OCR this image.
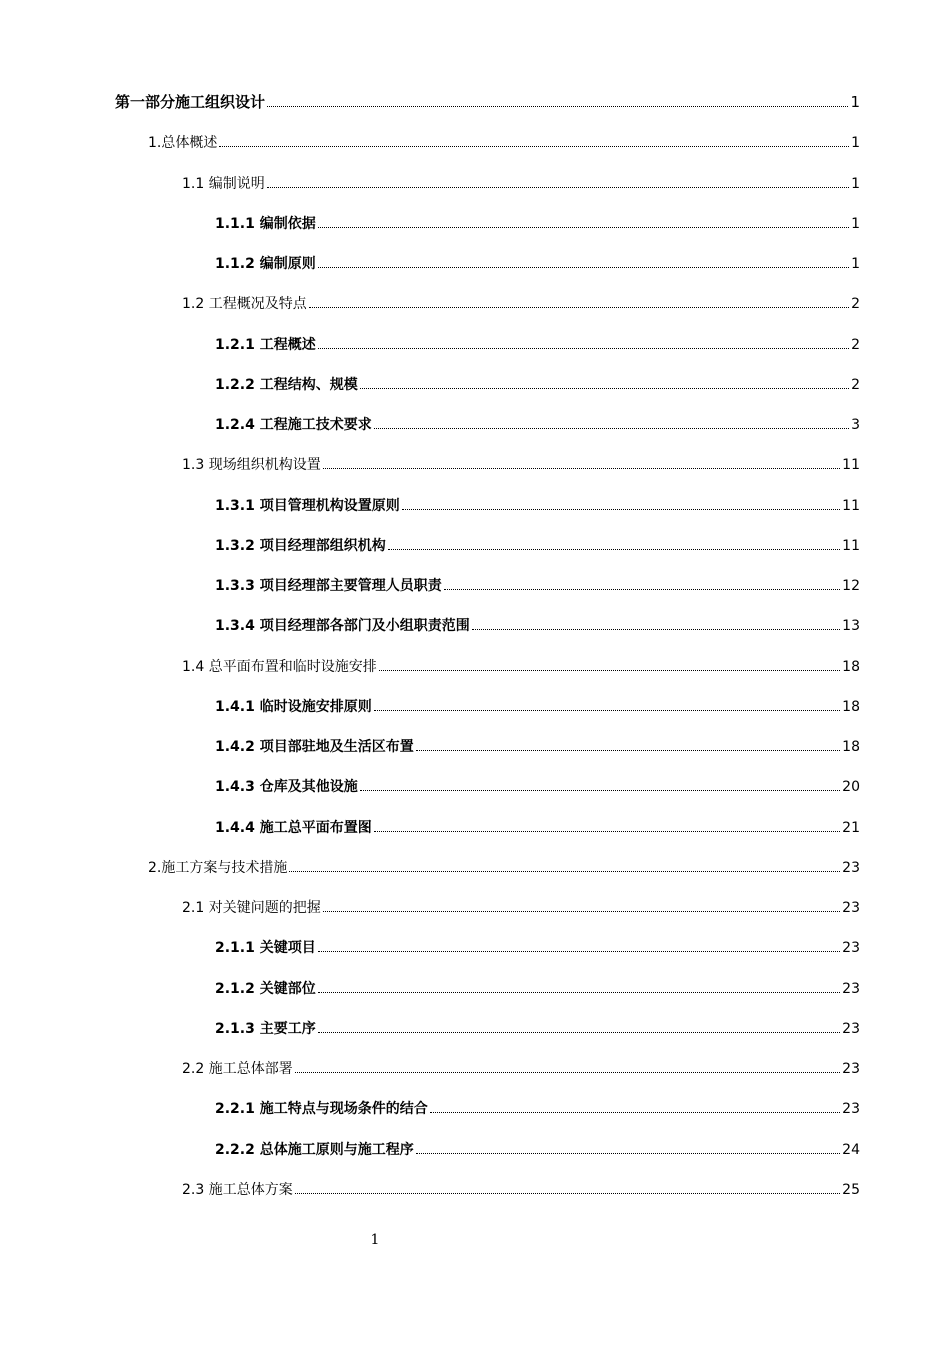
第一部分施工组织设计	1
1.总体概述	1
1.1 编制说明	1
1.1.1 编制依据	1
1.1.2 编制原则	1
1.2 工程概况及特点	2
1.2.1 工程概述	2
1.2.2 工程结构、规模	2
1.2.4 工程施工技术要求	3
1.3 现场组织机构设置	11
1.3.1 项目管理机构设置原则	11
1.3.2 项目经理部组织机构	11
1.3.3 项目经理部主要管理人员职责	12
1.3.4 项目经理部各部门及小组职责范围	13
1.4 总平面布置和临时设施安排	18
1.4.1 临时设施安排原则	18
1.4.2 项目部驻地及生活区布置	18
1.4.3 仓库及其他设施	20
1.4.4 施工总平面布置图	21
2.施工方案与技术措施	23
2.1 对关键问题的把握	23
2.1.1 关键项目	23
2.1.2 关键部位	23
2.1.3 主要工序	23
2.2 施工总体部署	23
2.2.1 施工特点与现场条件的结合	23
2.2.2 总体施工原则与施工程序	24
2.3 施工总体方案	25
1
